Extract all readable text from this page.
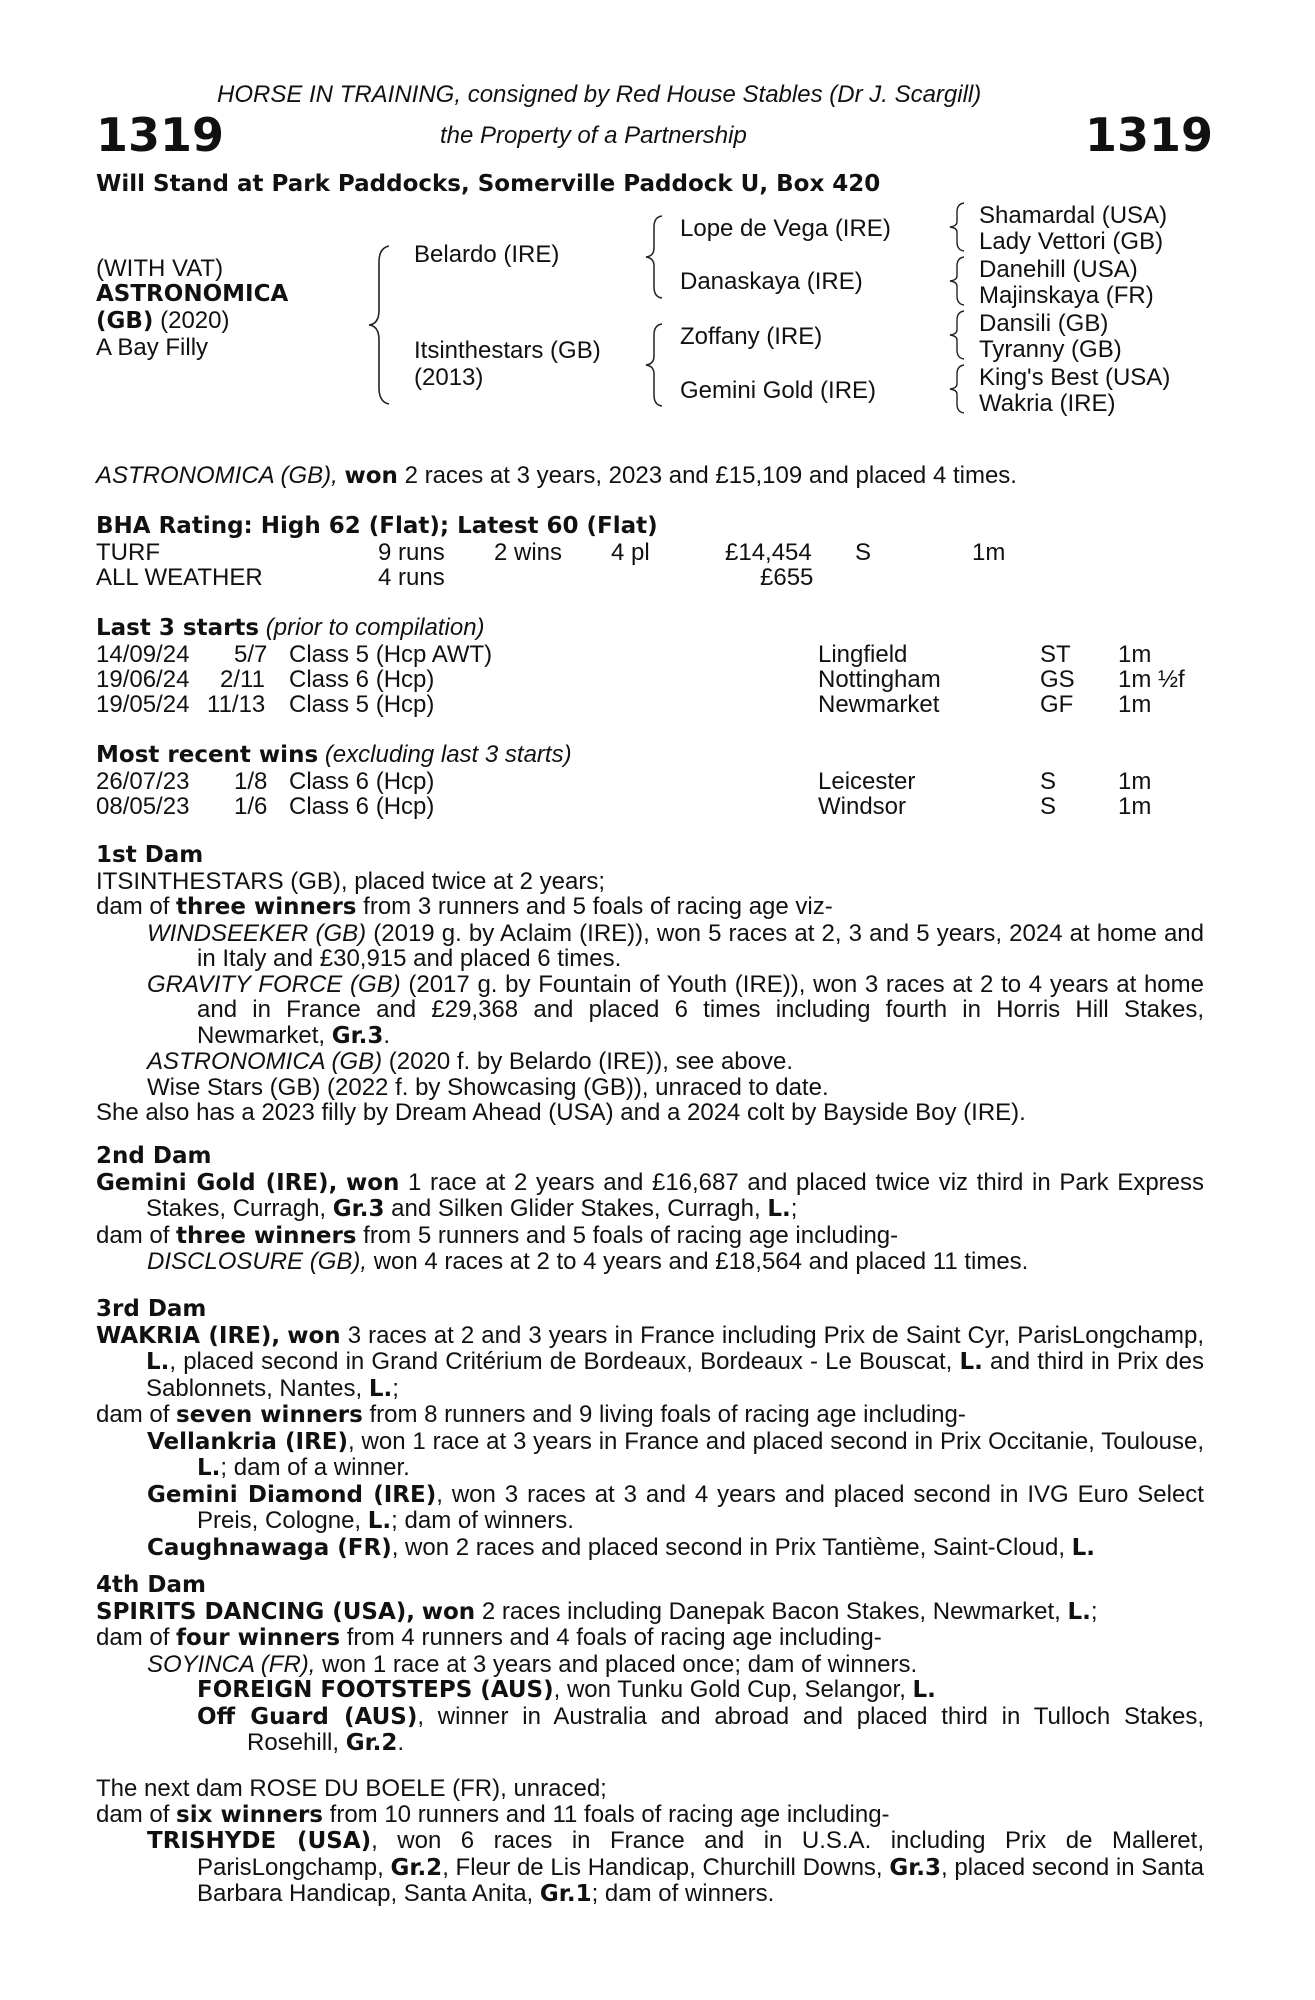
HORSE IN TRAINING, consigned by Red House Stables (Dr J. Scargill)
the Property of a Partnership
1319	1319
Will Stand at Park Paddocks, Somerville Paddock U, Box 420
(WITH VAT)
ASTRONOMICA
(GB) (2020)
A Bay Filly
Belardo (IRE)
Itsinthestars (GB)
(2013)
Lope de Vega (IRE)
Danaskaya (IRE)
Zoffany (IRE)
Gemini Gold (IRE)
Shamardal (USA)
Lady Vettori (GB)
Danehill (USA)
Majinskaya (FR)
Dansili (GB)
Tyranny (GB)
King's Best (USA)
Wakria (IRE)
ASTRONOMICA (GB), won 2 races at 3 years, 2023 and £15,109 and placed 4 times.
BHA Rating: High 62 (Flat); Latest 60 (Flat)
TURF	9 runs 2 wins 4 pl	£14,454 S	1m
ALL WEATHER	4 runs	£655
Last 3 starts (prior to compilation)
14/09/24 5/7 Class 5 (Hcp AWT)	Lingfield	ST 1m
19/06/24 2/11 Class 6 (Hcp)	Nottingham	GS 1m ½f
19/05/24 11/13 Class 5 (Hcp)	Newmarket	GF 1m
Most recent wins (excluding last 3 starts)
26/07/23 1/8 Class 6 (Hcp)	Leicester	S	1m
08/05/23 1/6 Class 6 (Hcp)	Windsor	S	1m

1st Dam

ITSINTHESTARS (GB), placed twice at 2 years;

dam of three winners from 3 runners and 5 foals of racing age viz-

WINDSEEKER (GB) (2019 g. by Aclaim (IRE)), won 5 races at 2, 3 and 5 years, 2024 at home and in Italy and £30,915 and placed 6 times.

GRAVITY FORCE (GB) (2017 g. by Fountain of Youth (IRE)), won 3 races at 2 to 4 years at home and in France and £29,368 and placed 6 times including fourth in Horris Hill Stakes, Newmarket, Gr.3.

ASTRONOMICA (GB) (2020 f. by Belardo (IRE)), see above.

Wise Stars (GB) (2022 f. by Showcasing (GB)), unraced to date.

She also has a 2023 filly by Dream Ahead (USA) and a 2024 colt by Bayside Boy (IRE).

2nd Dam

Gemini Gold (IRE), won 1 race at 2 years and £16,687 and placed twice viz third in Park Express Stakes, Curragh, Gr.3 and Silken Glider Stakes, Curragh, L.;

dam of three winners from 5 runners and 5 foals of racing age including-

DISCLOSURE (GB), won 4 races at 2 to 4 years and £18,564 and placed 11 times.

3rd Dam

WAKRIA (IRE), won 3 races at 2 and 3 years in France including Prix de Saint Cyr, ParisLongchamp, L., placed second in Grand Critérium de Bordeaux, Bordeaux - Le Bouscat, L. and third in Prix des Sablonnets, Nantes, L.;

dam of seven winners from 8 runners and 9 living foals of racing age including-

Vellankria (IRE), won 1 race at 3 years in France and placed second in Prix Occitanie, Toulouse, L.; dam of a winner.

Gemini Diamond (IRE), won 3 races at 3 and 4 years and placed second in IVG Euro Select Preis, Cologne, L.; dam of winners.

Caughnawaga (FR), won 2 races and placed second in Prix Tantième, Saint-Cloud, L.

4th Dam

SPIRITS DANCING (USA), won 2 races including Danepak Bacon Stakes, Newmarket, L.;

dam of four winners from 4 runners and 4 foals of racing age including-

SOYINCA (FR), won 1 race at 3 years and placed once; dam of winners.

FOREIGN FOOTSTEPS (AUS), won Tunku Gold Cup, Selangor, L.

Off Guard (AUS), winner in Australia and abroad and placed third in Tulloch Stakes, Rosehill, Gr.2.

The next dam ROSE DU BOELE (FR), unraced;

dam of six winners from 10 runners and 11 foals of racing age including-

TRISHYDE (USA), won 6 races in France and in U.S.A. including Prix de Malleret, ParisLongchamp, Gr.2, Fleur de Lis Handicap, Churchill Downs, Gr.3, placed second in Santa Barbara Handicap, Santa Anita, Gr.1; dam of winners.
